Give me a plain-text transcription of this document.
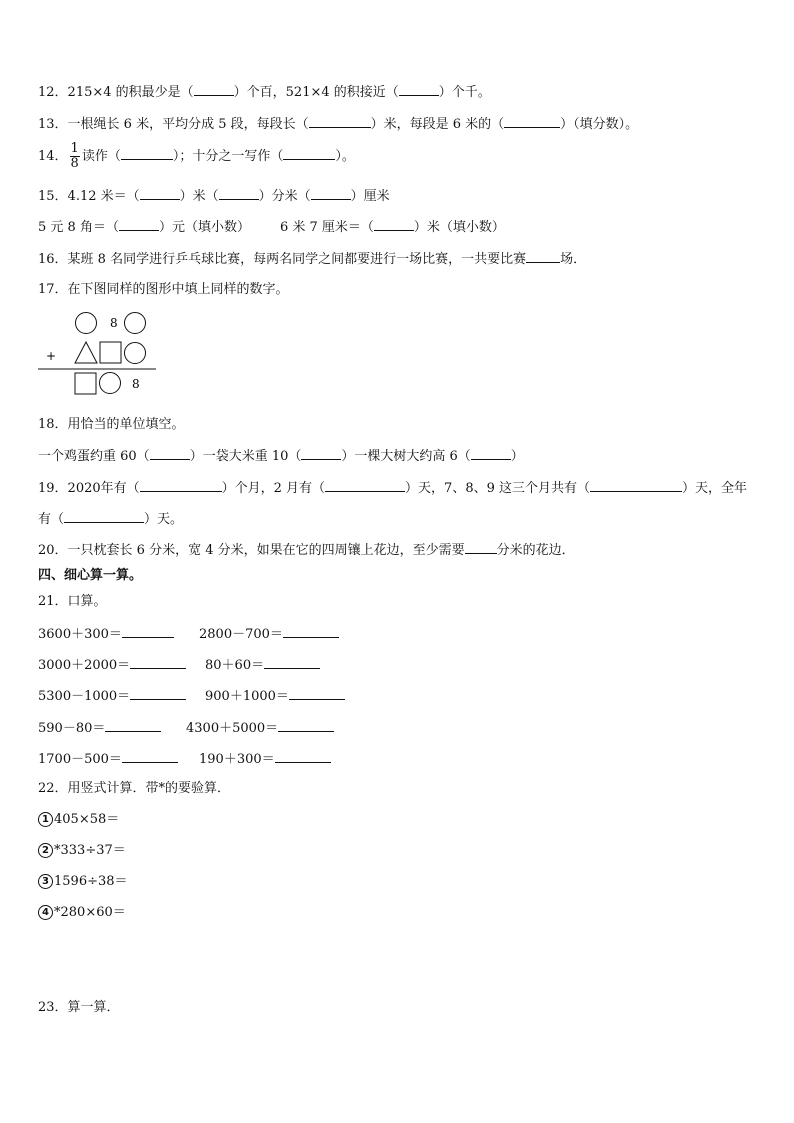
12．215×4 的积最少是（	）个百，521×4 的积接近（	）个千。
13．一根绳长 6 米，平均分成 5 段，每段长（	）米，每段是 6 米的（	）（填分数）。
14． $\frac{1}{8}$ 读作（	）；十分之一写作（	）。
15．4.12 米＝（	）米（	）分米（	）厘米
5 元 8 角＝（	）元（填小数） 6 米 7 厘米＝（	）米（填小数）
16．某班 8 名同学进行乒乓球比赛，每两名同学之间都要进行一场比赛，一共要比赛	场．
17．在下图同样的图形中填上同样的数字。
8
+
8
18．用恰当的单位填空。
一个鸡蛋约重 60（	）一袋大米重 10（	）一棵大树大约高 6（	）
19．2020年有（	）个月，2 月有（	）天，7、8、9 这三个月共有（	）天，全年
有（	）天。
20．一只枕套长 6 分米，宽 4 分米，如果在它的四周镶上花边，至少需要 分米的花边．
四、细心算一算。
21．口算。
3600＋300＝	2800－700＝
3000＋2000＝	80＋60＝
5300－1000＝	900＋1000＝
590－80＝	4300＋5000＝
1700－500＝	190＋300＝
22．用竖式计算．带*的要验算．
1 405×58＝
2 *333÷37＝
3 1596÷38＝
4 *280×60＝
23．算一算．
